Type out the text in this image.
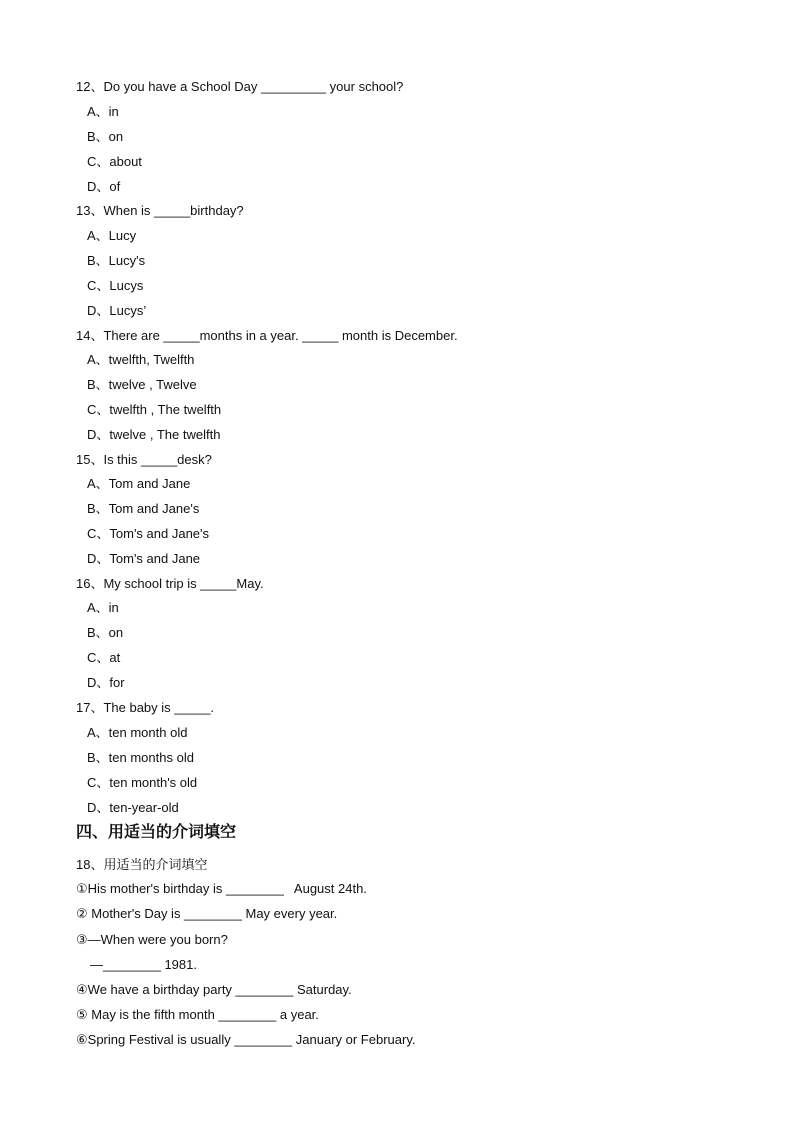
12、Do you have a School Day _________ your school?
A、in
B、on
C、about
D、of
13、When is _____birthday?
A、Lucy
B、Lucy's
C、Lucys
D、Lucys’
14、There are _____months in a year. _____ month is December.
A、twelfth, Twelfth
B、twelve , Twelve
C、twelfth , The twelfth
D、twelve , The twelfth
15、Is this _____desk?
A、Tom and Jane
B、Tom and Jane's
C、Tom's and Jane's
D、Tom's and Jane
16、My school trip is _____May.
A、in
B、on
C、at
D、for
17、The baby is _____.
A、ten month old
B、ten months old
C、ten month's old
D、ten-year-old
四、用适当的介词填空
18、用适当的介词填空
①His mother's birthday is ________   August 24th.
② Mother's Day is ________ May every year.
③—When were you born?
—________ 1981.
④We have a birthday party ________ Saturday.
⑤ May is the fifth month ________ a year.
⑥Spring Festival is usually ________ January or February.
